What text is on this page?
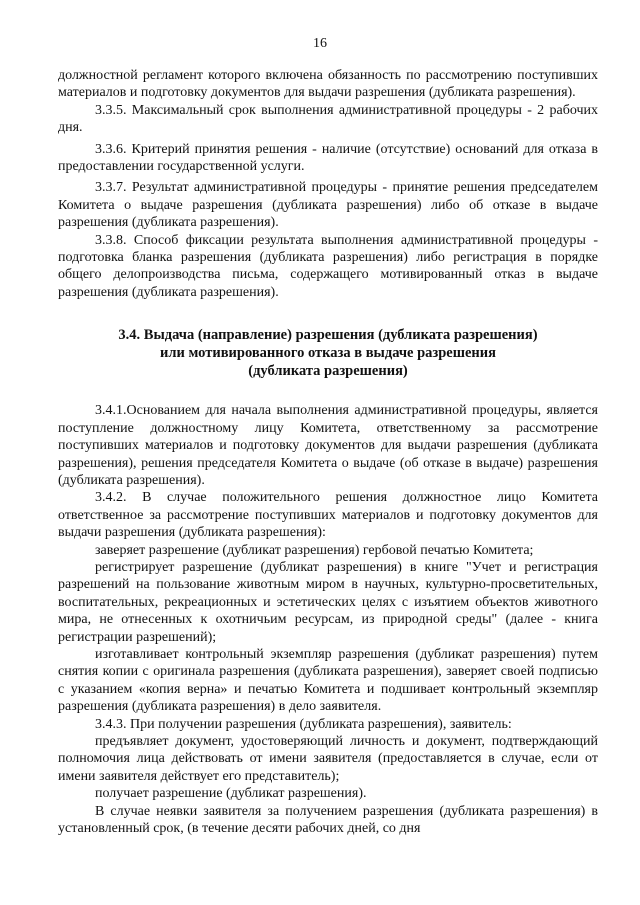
16

должностной регламент которого включена обязанность по рассмотрению поступивших материалов и подготовку документов для выдачи разрешения (дубликата разрешения).

3.3.5. Максимальный срок выполнения административной процедуры - 2 рабочих дня.

3.3.6. Критерий принятия решения - наличие (отсутствие) оснований для отказа в предоставлении государственной услуги.

3.3.7. Результат административной процедуры - принятие решения председателем Комитета о выдаче разрешения (дубликата разрешения) либо об отказе в выдаче разрешения (дубликата разрешения).

3.3.8. Способ фиксации результата выполнения административной процедуры - подготовка бланка разрешения (дубликата разрешения) либо регистрация в порядке общего делопроизводства письма, содержащего мотивированный отказ в выдаче разрешения (дубликата разрешения).

3.4. Выдача (направление) разрешения (дубликата разрешения)
или мотивированного отказа в выдаче разрешения
(дубликата разрешения)

3.4.1.Основанием для начала выполнения административной процедуры, является поступление должностному лицу Комитета, ответственному за рассмотрение поступивших материалов и подготовку документов для выдачи разрешения (дубликата разрешения), решения председателя Комитета о выдаче (об отказе в выдаче) разрешения (дубликата разрешения).

3.4.2. В случае положительного решения должностное лицо Комитета ответственное за рассмотрение поступивших материалов и подготовку документов для выдачи разрешения (дубликата разрешения):

заверяет разрешение (дубликат разрешения) гербовой печатью Комитета;

регистрирует разрешение (дубликат разрешения) в книге "Учет и регистрация разрешений на пользование животным миром в научных, культурно-просветительных, воспитательных, рекреационных и эстетических целях с изъятием объектов животного мира, не отнесенных к охотничьим ресурсам, из природной среды" (далее - книга регистрации разрешений);

изготавливает контрольный экземпляр разрешения (дубликат разрешения) путем снятия копии с оригинала разрешения (дубликата разрешения), заверяет своей подписью с указанием «копия верна» и печатью Комитета и подшивает контрольный экземпляр разрешения (дубликата разрешения) в дело заявителя.

3.4.3. При получении разрешения (дубликата разрешения), заявитель:

предъявляет документ, удостоверяющий личность и документ, подтверждающий полномочия лица действовать от имени заявителя (предоставляется в случае, если от имени заявителя действует его представитель);

получает разрешение (дубликат разрешения).

В случае неявки заявителя за получением разрешения (дубликата разрешения) в установленный срок, (в течение десяти рабочих дней, со дня
